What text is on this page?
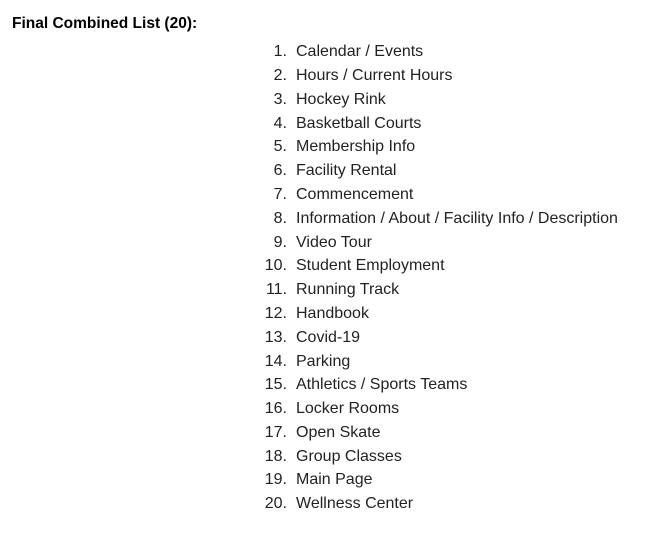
Final Combined List (20):
1. Calendar / Events
2. Hours / Current Hours
3. Hockey Rink
4. Basketball Courts
5. Membership Info
6. Facility Rental
7. Commencement
8. Information / About / Facility Info / Description
9. Video Tour
10. Student Employment
11. Running Track
12. Handbook
13. Covid-19
14. Parking
15. Athletics / Sports Teams
16. Locker Rooms
17. Open Skate
18. Group Classes
19. Main Page
20. Wellness Center
